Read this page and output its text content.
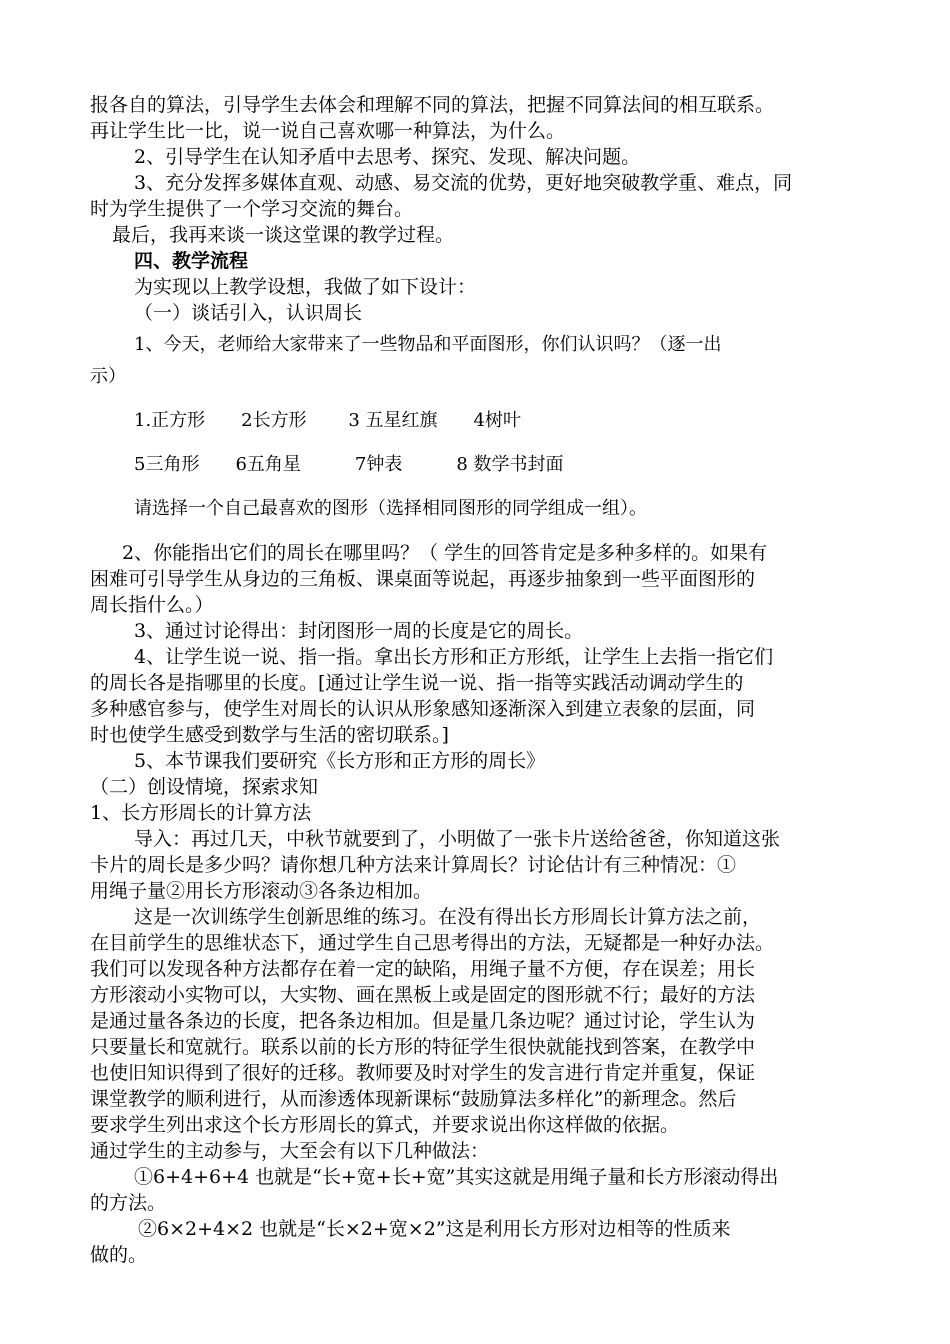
报各自的算法，引导学生去体会和理解不同的算法，把握不同算法间的相互联系。
再让学生比一比，说一说自己喜欢哪一种算法，为什么。
2、引导学生在认知矛盾中去思考、探究、发现、解决问题。
3、充分发挥多媒体直观、动感、易交流的优势，更好地突破教学重、难点，同
时为学生提供了一个学习交流的舞台。
最后，我再来谈一谈这堂课的教学过程。
四、教学流程
为实现以上教学设想，我做了如下设计：
（一）谈话引入，认识周长
1、今天，老师给大家带来了一些物品和平面图形，你们认识吗？（逐一出
示）
1.正方形　　2长方形　　 3 五星红旗　　4树叶
5三角形　　6五角星　　　7钟表　　　8 数学书封面
请选择一个自己最喜欢的图形（选择相同图形的同学组成一组）。
2、你能指出它们的周长在哪里吗？（ 学生的回答肯定是多种多样的。如果有
困难可引导学生从身边的三角板、课桌面等说起，再逐步抽象到一些平面图形的
周长指什么。）
3、通过讨论得出：封闭图形一周的长度是它的周长。
4、让学生说一说、指一指。拿出长方形和正方形纸，让学生上去指一指它们
的周长各是指哪里的长度。[通过让学生说一说、指一指等实践活动调动学生的
多种感官参与，使学生对周长的认识从形象感知逐渐深入到建立表象的层面，同
时也使学生感受到数学与生活的密切联系。]
5、本节课我们要研究《长方形和正方形的周长》
（二）创设情境，探索求知
1、长方形周长的计算方法
导入：再过几天，中秋节就要到了，小明做了一张卡片送给爸爸，你知道这张
卡片的周长是多少吗？请你想几种方法来计算周长？讨论估计有三种情况：①
用绳子量②用长方形滚动③各条边相加。
这是一次训练学生创新思维的练习。在没有得出长方形周长计算方法之前，
在目前学生的思维状态下，通过学生自己思考得出的方法，无疑都是一种好办法。
我们可以发现各种方法都存在着一定的缺陷，用绳子量不方便，存在误差；用长
方形滚动小实物可以，大实物、画在黑板上或是固定的图形就不行；最好的方法
是通过量各条边的长度，把各条边相加。但是量几条边呢？通过讨论，学生认为
只要量长和宽就行。联系以前的长方形的特征学生很快就能找到答案，在教学中
也使旧知识得到了很好的迁移。教师要及时对学生的发言进行肯定并重复，保证
课堂教学的顺利进行，从而渗透体现新课标“鼓励算法多样化”的新理念。然后
要求学生列出求这个长方形周长的算式，并要求说出你这样做的依据。
通过学生的主动参与，大至会有以下几种做法：
①6+4+6+4 也就是“长+宽+长+宽”其实这就是用绳子量和长方形滚动得出
的方法。
②6×2+4×2 也就是“长×2+宽×2”这是利用长方形对边相等的性质来
做的。
